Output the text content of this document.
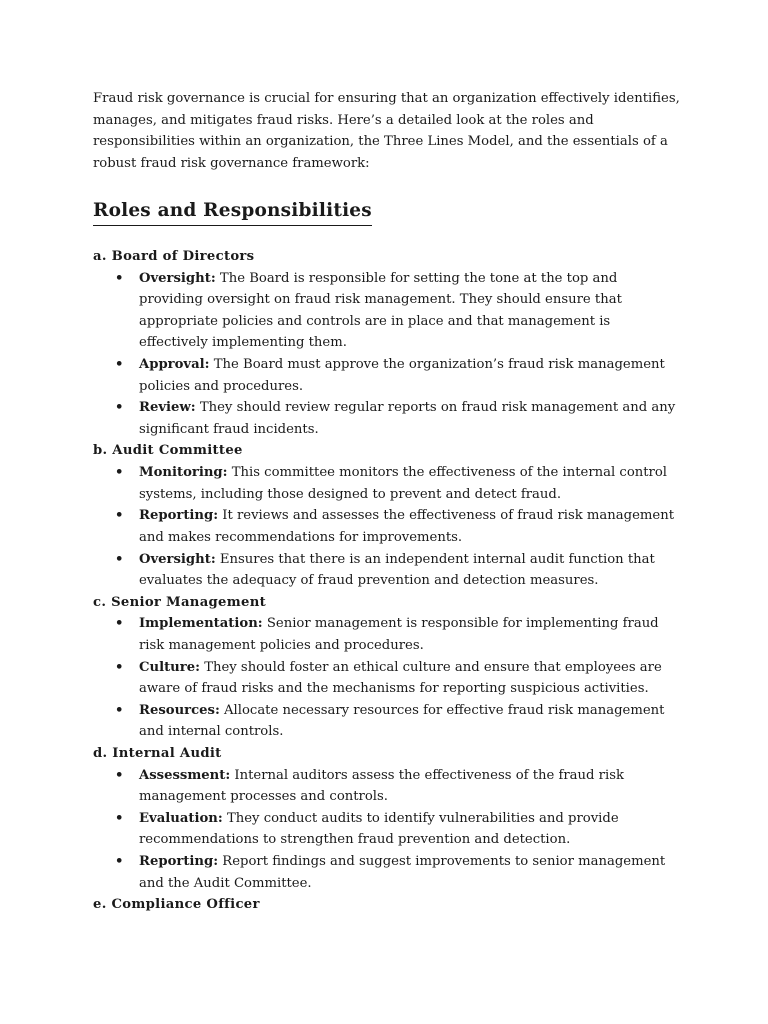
Fraud risk governance is crucial for ensuring that an organization effectively identifies, manages, and mitigates fraud risks. Here’s a detailed look at the roles and responsibilities within an organization, the Three Lines Model, and the essentials of a robust fraud risk governance framework:

Roles and Responsibilities
a. Board of Directors
• Oversight: The Board is responsible for setting the tone at the top and providing oversight on fraud risk management. They should ensure that appropriate policies and controls are in place and that management is effectively implementing them.
• Approval: The Board must approve the organization’s fraud risk management policies and procedures.
• Review: They should review regular reports on fraud risk management and any significant fraud incidents.
b. Audit Committee
• Monitoring: This committee monitors the effectiveness of the internal control systems, including those designed to prevent and detect fraud.
• Reporting: It reviews and assesses the effectiveness of fraud risk management and makes recommendations for improvements.
• Oversight: Ensures that there is an independent internal audit function that evaluates the adequacy of fraud prevention and detection measures.
c. Senior Management
• Implementation: Senior management is responsible for implementing fraud risk management policies and procedures.
• Culture: They should foster an ethical culture and ensure that employees are aware of fraud risks and the mechanisms for reporting suspicious activities.
• Resources: Allocate necessary resources for effective fraud risk management and internal controls.
d. Internal Audit
• Assessment: Internal auditors assess the effectiveness of the fraud risk management processes and controls.
• Evaluation: They conduct audits to identify vulnerabilities and provide recommendations to strengthen fraud prevention and detection.
• Reporting: Report findings and suggest improvements to senior management and the Audit Committee.
e. Compliance Officer
